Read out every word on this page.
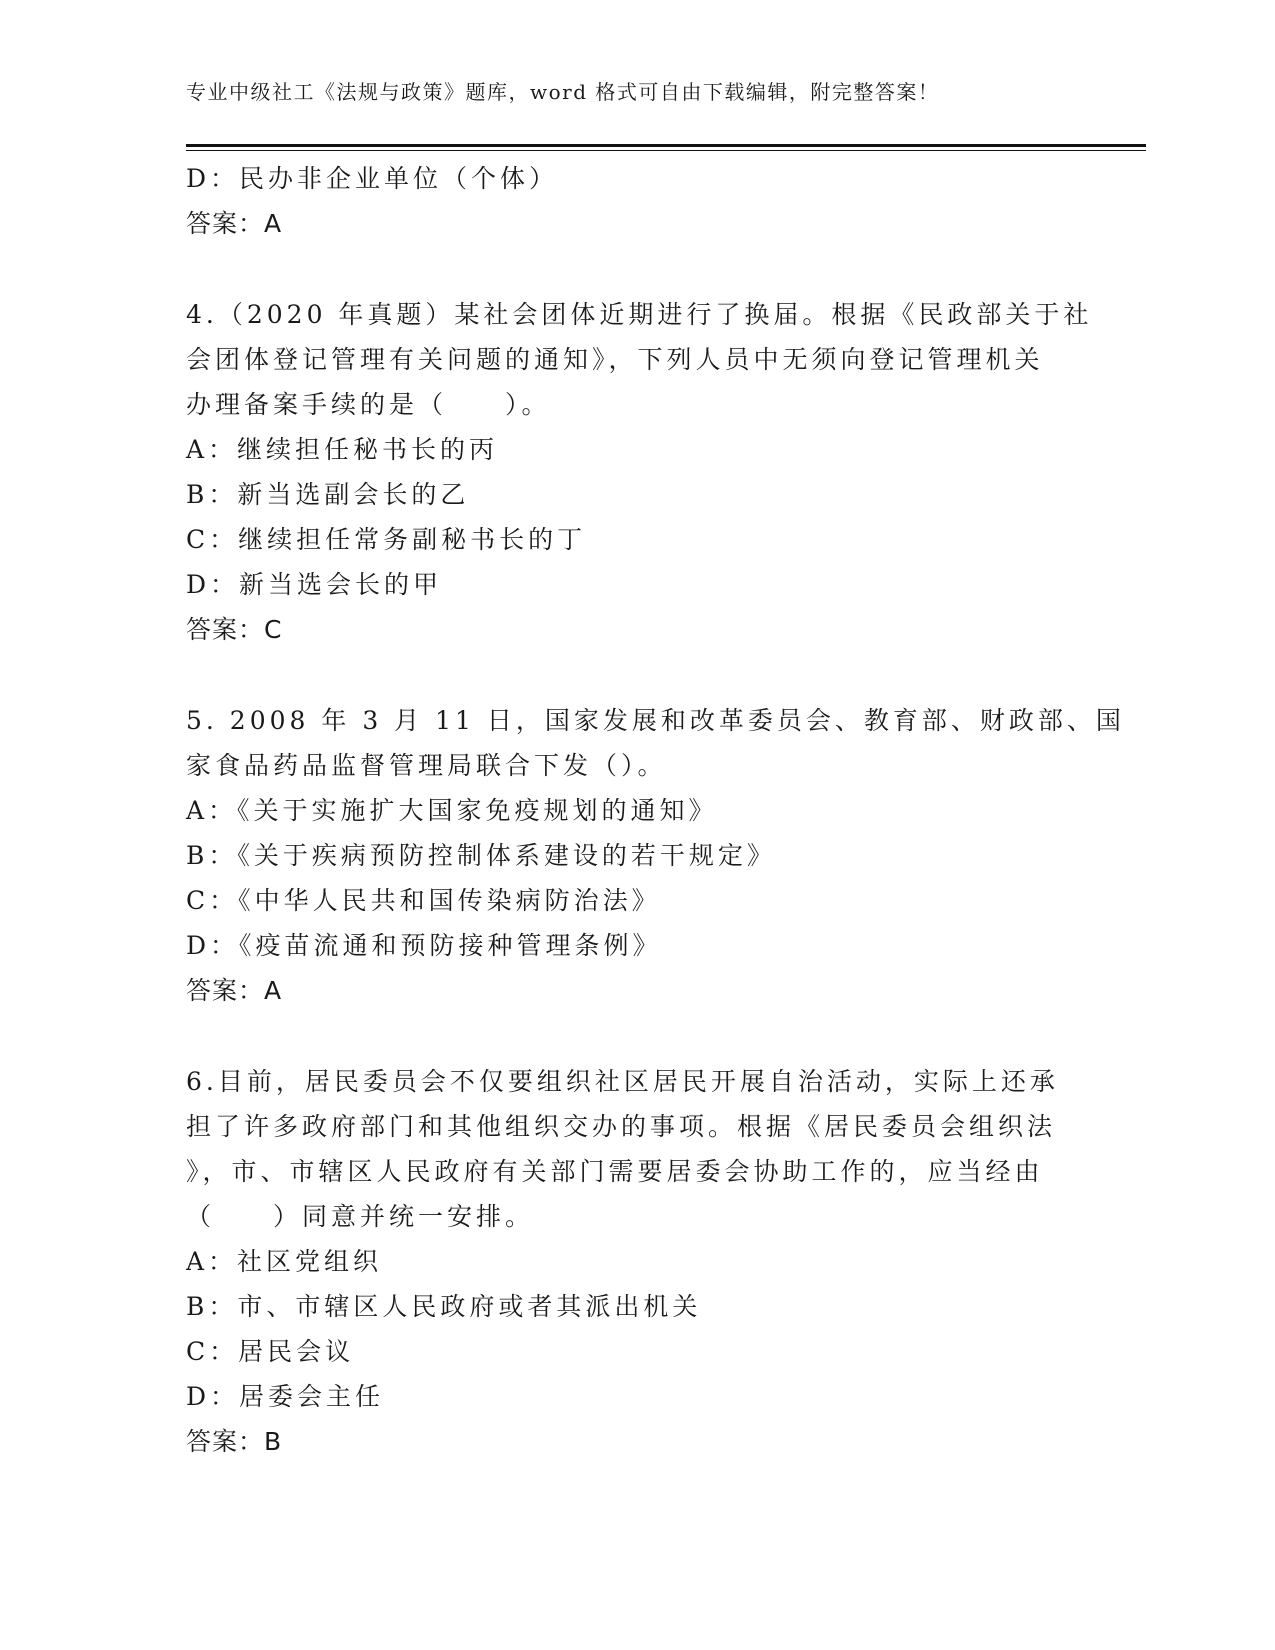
专业中级社工《法规与政策》题库，word 格式可自由下载编辑，附完整答案！
D：民办非企业单位（个体）
答案：A
4.（2020 年真题）某社会团体近期进行了换届。根据《民政部关于社
会团体登记管理有关问题的通知》，下列人员中无须向登记管理机关
办理备案手续的是（　　）。
A：继续担任秘书长的丙
B：新当选副会长的乙
C：继续担任常务副秘书长的丁
D：新当选会长的甲
答案：C
5. 2008 年 3 月 11 日，国家发展和改革委员会、教育部、财政部、国
家食品药品监督管理局联合下发（）。
A：《关于实施扩大国家免疫规划的通知》
B：《关于疾病预防控制体系建设的若干规定》
C：《中华人民共和国传染病防治法》
D：《疫苗流通和预防接种管理条例》
答案：A
6.目前，居民委员会不仅要组织社区居民开展自治活动，实际上还承
担了许多政府部门和其他组织交办的事项。根据《居民委员会组织法
》，市、市辖区人民政府有关部门需要居委会协助工作的，应当经由
（　　）同意并统一安排。
A：社区党组织
B：市、市辖区人民政府或者其派出机关
C：居民会议
D：居委会主任
答案：B
